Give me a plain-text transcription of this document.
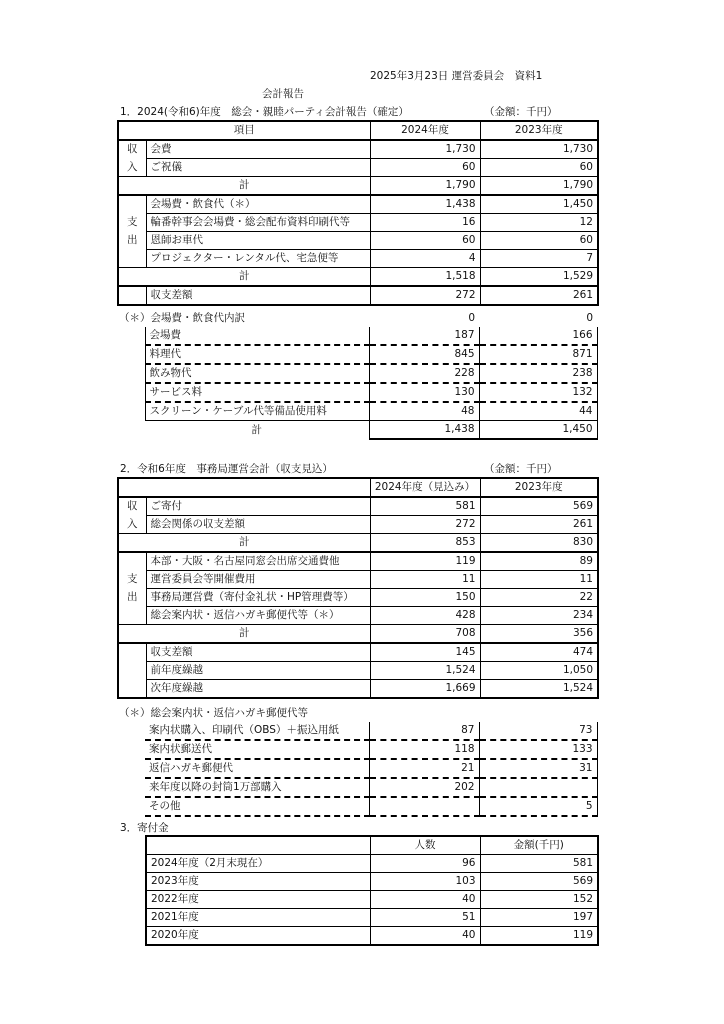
2025年3月23日 運営委員会　資料1
会計報告
1．2024(令和6)年度　総会・親睦パーティ会計報告（確定）	（金額：千円）
項目		2024年度	2023年度
収	会費	1,730	1,730
入	ご祝儀	60	60
計		1,790	1,790
	会場費・飲食代（＊）	1,438	1,450
支	輪番幹事会会場費・総会配布資料印刷代等	16	12
出	恩師お車代	60	60
	プロジェクター・レンタル代、宅急便等	4	7
計		1,518	1,529
	収支差額	272	261
（＊）会場費・飲食代内訳		0	0
	会場費	187	166
	料理代	845	871
	飲み物代	228	238
	サービス料	130	132
	スクリーン・ケーブル代等備品使用料	48	44
	計	1,438	1,450
2．令和6年度　事務局運営会計（収支見込）	（金額：千円）
		2024年度（見込み）	2023年度
収	ご寄付	581	569
入	総会関係の収支差額	272	261
計		853	830
	本部・大阪・名古屋同窓会出席交通費他	119	89
支	運営委員会等開催費用	11	11
出	事務局運営費（寄付金礼状・HP管理費等）	150	22
	総会案内状・返信ハガキ郵便代等（＊）	428	234
計		708	356
	収支差額	145	474
	前年度繰越	1,524	1,050
	次年度繰越	1,669	1,524
（＊）総会案内状・返信ハガキ郵便代等			
	案内状購入、印刷代（OBS）＋振込用紙	87	73
	案内状郵送代	118	133
	返信ハガキ郵便代	21	31
	来年度以降の封筒1万部購入	202	
	その他		5
3．寄付金
	人数	金額(千円)
2024年度（2月末現在）	96	581
2023年度	103	569
2022年度	40	152
2021年度	51	197
2020年度	40	119
